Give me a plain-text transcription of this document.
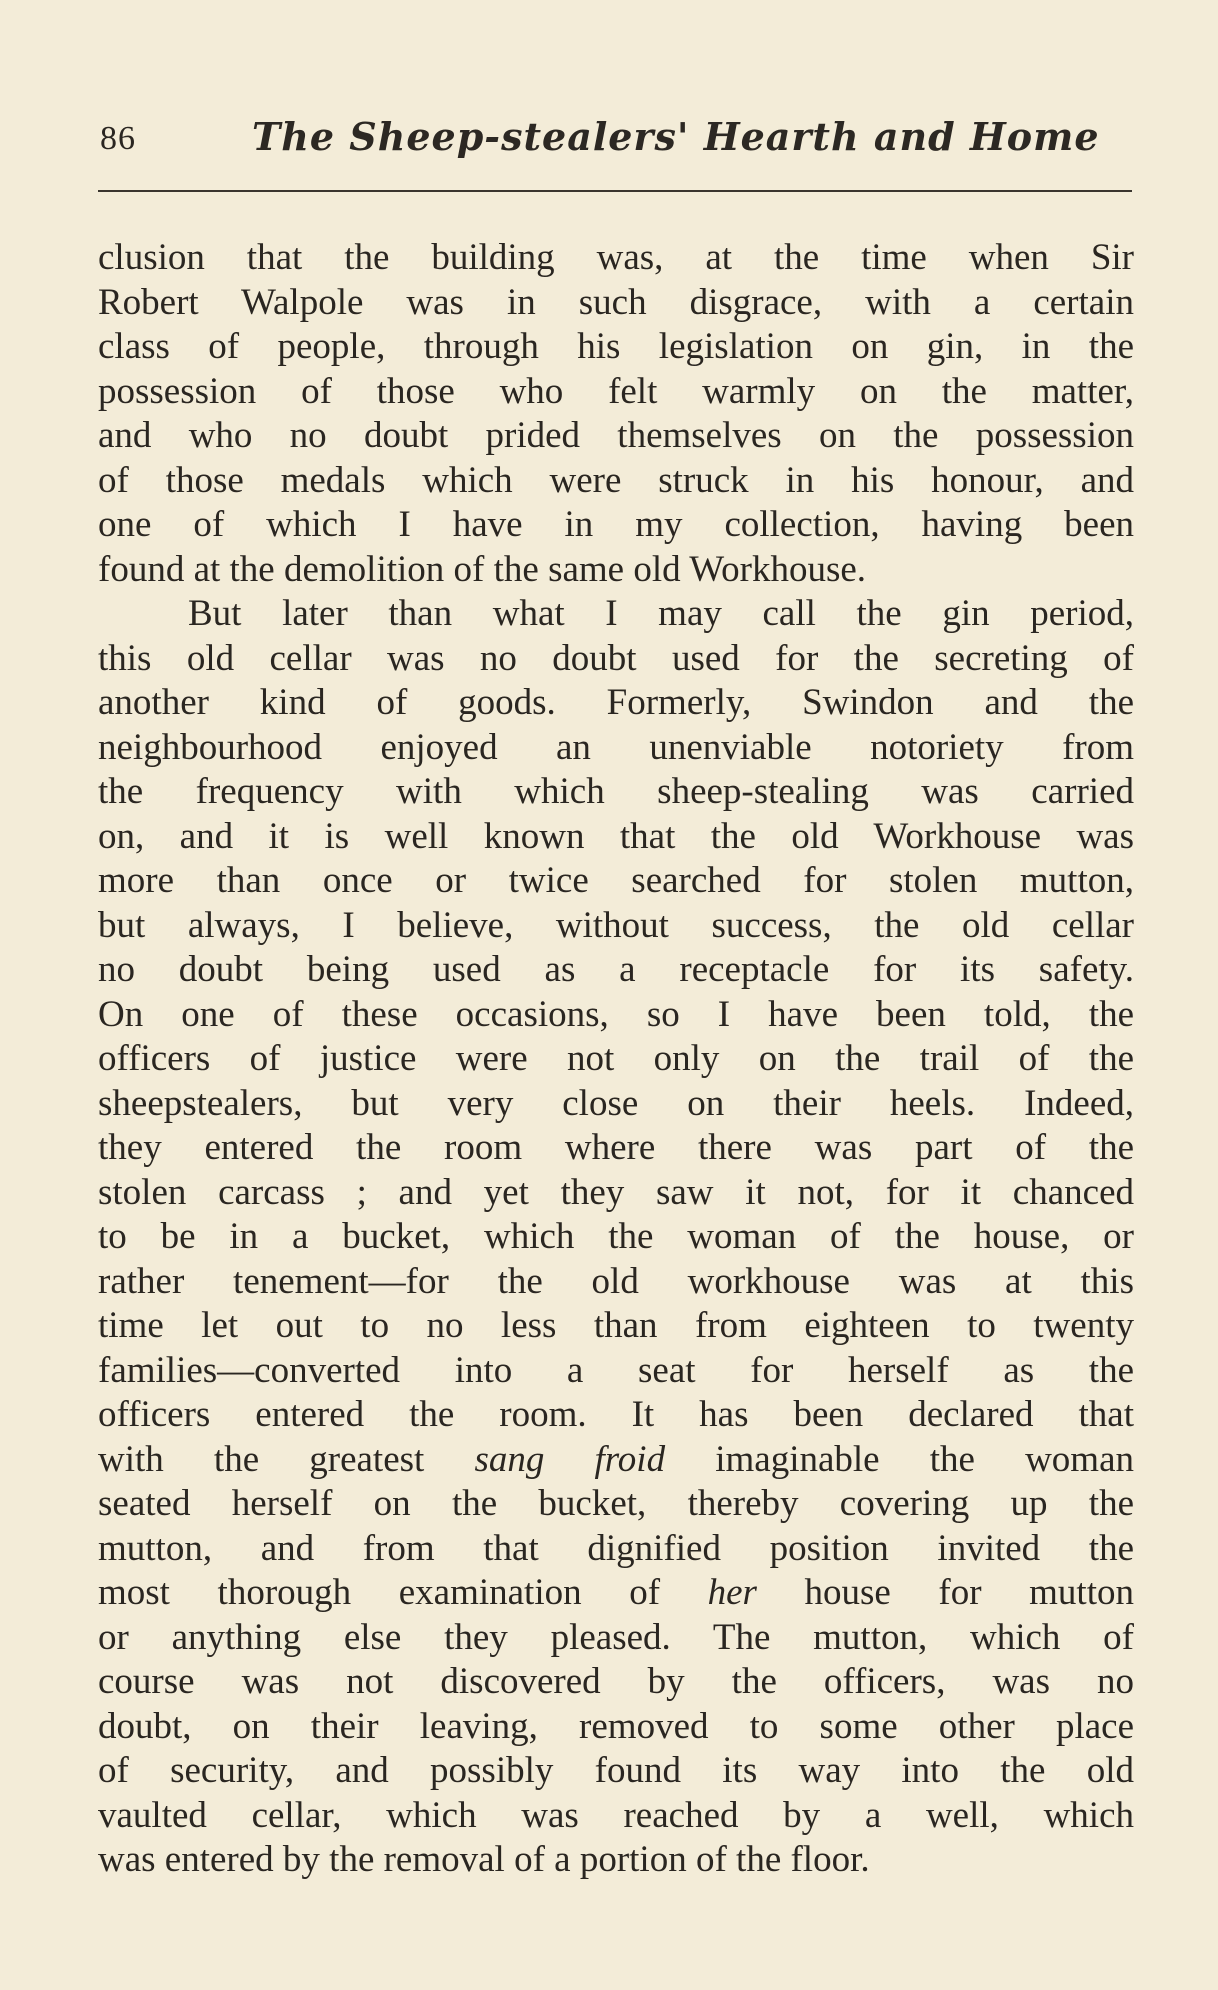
86	The Sheep-stealers' Hearth and Home
clusion that the building was, at the time when Sir
Robert Walpole was in such disgrace, with a certain
class of people, through his legislation on gin, in the
possession of those who felt warmly on the matter,
and who no doubt prided themselves on the possession
of those medals which were struck in his honour, and
one of which I have in my collection, having been
found at the demolition of the same old Workhouse.
But later than what I may call the gin period,
this old cellar was no doubt used for the secreting of
another kind of goods. Formerly, Swindon and the
neighbourhood enjoyed an unenviable notoriety from
the frequency with which sheep-stealing was carried
on, and it is well known that the old Workhouse was
more than once or twice searched for stolen mutton,
but always, I believe, without success, the old cellar
no doubt being used as a receptacle for its safety.
On one of these occasions, so I have been told, the
officers of justice were not only on the trail of the
sheepstealers, but very close on their heels. Indeed,
they entered the room where there was part of the
stolen carcass ; and yet they saw it not, for it chanced
to be in a bucket, which the woman of the house, or
rather tenement—for the old workhouse was at this
time let out to no less than from eighteen to twenty
families—converted into a seat for herself as the
officers entered the room. It has been declared that
with the greatest sang froid imaginable the woman
seated herself on the bucket, thereby covering up the
mutton, and from that dignified position invited the
most thorough examination of her house for mutton
or anything else they pleased. The mutton, which of
course was not discovered by the officers, was no
doubt, on their leaving, removed to some other place
of security, and possibly found its way into the old
vaulted cellar, which was reached by a well, which
was entered by the removal of a portion of the floor.
